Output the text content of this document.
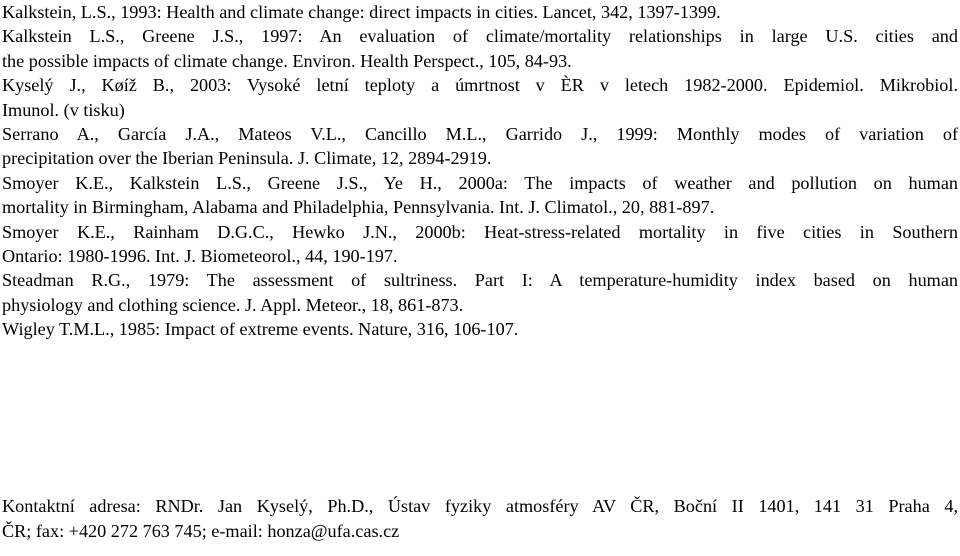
Kalkstein, L.S., 1993: Health and climate change: direct impacts in cities. Lancet, 342, 1397-1399.

Kalkstein L.S., Greene J.S., 1997: An evaluation of climate/mortality relationships in large U.S. cities and
the possible impacts of climate change. Environ. Health Perspect., 105, 84-93.

Kyselý J., Køíž B., 2003: Vysoké letní teploty a úmrtnost v ÈR v letech 1982-2000. Epidemiol. Mikrobiol.
Imunol. (v tisku)

Serrano A., García J.A., Mateos V.L., Cancillo M.L., Garrido J., 1999: Monthly modes of variation of
precipitation over the Iberian Peninsula. J. Climate, 12, 2894-2919.

Smoyer K.E., Kalkstein L.S., Greene J.S., Ye H., 2000a: The impacts of weather and pollution on human
mortality in Birmingham, Alabama and Philadelphia, Pennsylvania. Int. J. Climatol., 20, 881-897.

Smoyer K.E., Rainham D.G.C., Hewko J.N., 2000b: Heat-stress-related mortality in five cities in Southern
Ontario: 1980-1996. Int. J. Biometeorol., 44, 190-197.

Steadman R.G., 1979: The assessment of sultriness. Part I: A temperature-humidity index based on human
physiology and clothing science. J. Appl. Meteor., 18, 861-873.

Wigley T.M.L., 1985: Impact of extreme events. Nature, 316, 106-107.

Kontaktní adresa: RNDr. Jan Kyselý, Ph.D., Ústav fyziky atmosféry AV ČR, Boční II 1401, 141 31 Praha 4,
ČR; fax: +420 272 763 745; e-mail: honza@ufa.cas.cz
